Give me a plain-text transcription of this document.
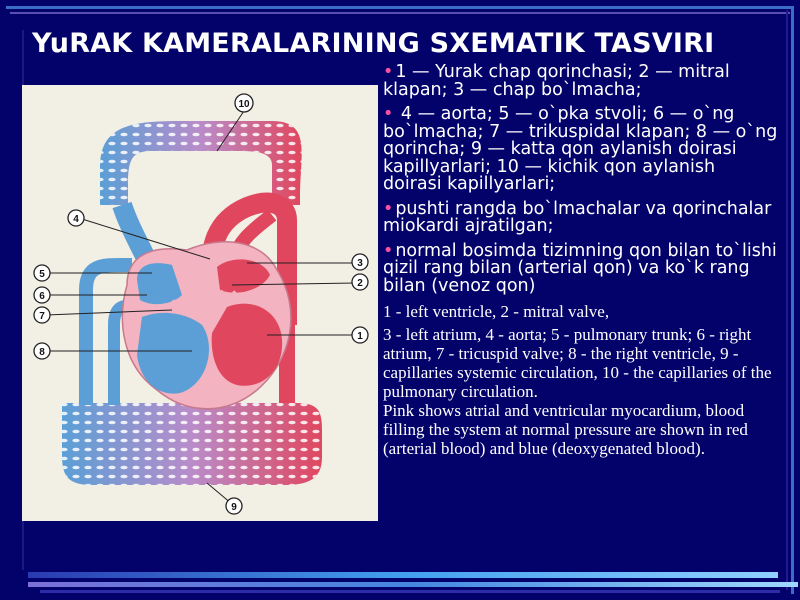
YuRAK KAMERALARINING SXEMATIK TASVIRI
10
4
3
2
5
6
7
1
8
9

• 1 — Yurak chap qorinchasi; 2 — mitral klapan; 3 — chap bo`lmacha;

• 4 — aorta; 5 — o`pka stvoli; 6 — o`ng bo`lmacha; 7 — trikuspidal klapan; 8 — o`ng qorincha; 9 — katta qon aylanish doirasi kapillyarlari; 10 — kichik qon aylanish doirasi kapillyarlari;

• pushti rangda bo`lmachalar va qorinchalar miokardi ajratilgan;

• normal bosimda tizimning qon bilan to`lishi qizil rang bilan (arterial qon) va ko`k rang bilan (venoz qon)

1 - left ventricle, 2 - mitral valve,

3 - left atrium, 4 - aorta; 5 - pulmonary trunk; 6 - right atrium, 7 - tricuspid valve; 8 - the right ventricle, 9 - capillaries systemic circulation, 10 - the capillaries of the pulmonary circulation.

Pink shows atrial and ventricular myocardium, blood filling the system at normal pressure are shown in red (arterial blood) and blue (deoxygenated blood).
